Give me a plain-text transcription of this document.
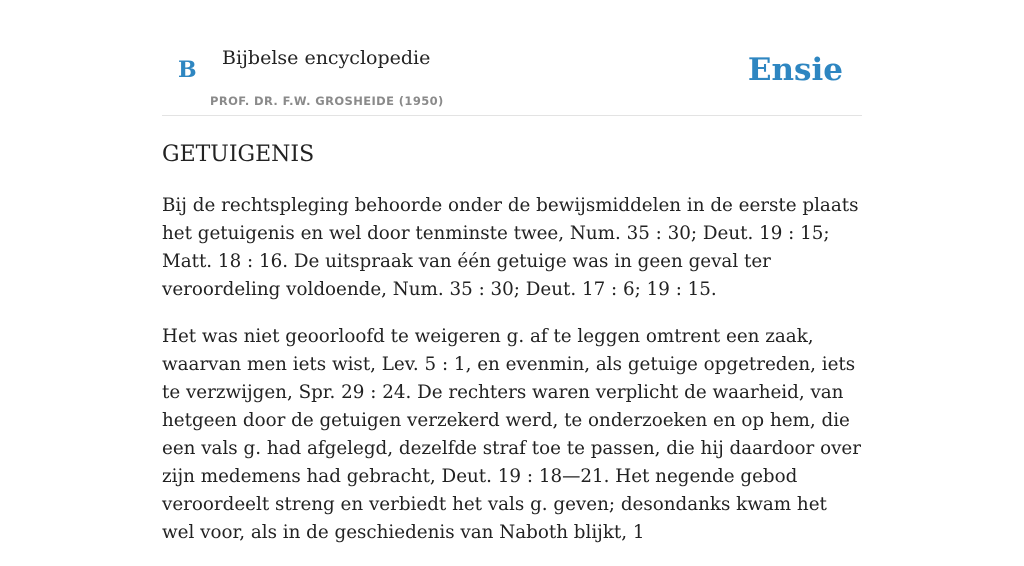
B Bijbelse encyclopedie
PROF. DR. F.W. GROSHEIDE (1950)
Ensie
GETUIGENIS

Bij de rechtspleging behoorde onder de bewijsmiddelen in de eerste plaats het getuigenis en wel door tenminste twee, Num. 35 : 30; Deut. 19 : 15; Matt. 18 : 16. De uitspraak van één getuige was in geen geval ter veroordeling voldoende, Num. 35 : 30; Deut. 17 : 6; 19 : 15.

Het was niet geoorloofd te weigeren g. af te leggen omtrent een zaak, waarvan men iets wist, Lev. 5 : 1, en evenmin, als getuige opgetreden, iets te verzwijgen, Spr. 29 : 24. De rechters waren verplicht de waarheid, van hetgeen door de getuigen verzekerd werd, te onderzoeken en op hem, die een vals g. had afgelegd, dezelfde straf toe te passen, die hij daardoor over zijn medemens had gebracht, Deut. 19 : 18—21. Het negende gebod veroordeelt streng en verbiedt het vals g. geven; desondanks kwam het wel voor, als in de geschiedenis van Naboth blijkt, 1
